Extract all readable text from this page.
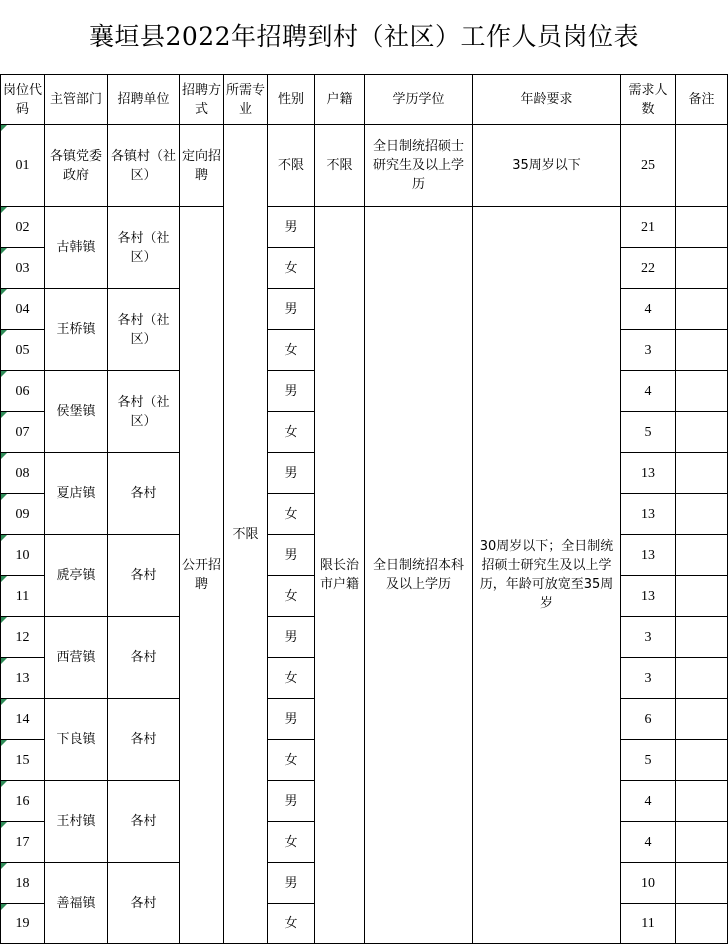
襄垣县2022年招聘到村（社区）工作人员岗位表
岗位代码	主管部门	招聘单位	招聘方式	所需专业	性别	户籍	学历学位	年龄要求	需求人数	备注
01	各镇党委政府	各镇村（社区）	定向招聘	不限	不限	不限	全日制统招硕士研究生及以上学历	35周岁以下	25	
02	古韩镇	各村（社区）	公开招聘		男	限长治市户籍	全日制统招本科及以上学历	30周岁以下；全日制统招硕士研究生及以上学历，年龄可放宽至35周岁	21	
03					女				22	
04	王桥镇	各村（社区）			男				4	
05					女				3	
06	侯堡镇	各村（社区）			男				4	
07					女				5	
08	夏店镇	各村			男				13	
09					女				13	
10	虒亭镇	各村			男				13	
11					女				13	
12	西营镇	各村			男				3	
13					女				3	
14	下良镇	各村			男				6	
15					女				5	
16	王村镇	各村			男				4	
17					女				4	
18	善福镇	各村			男				10	
19					女				11	
